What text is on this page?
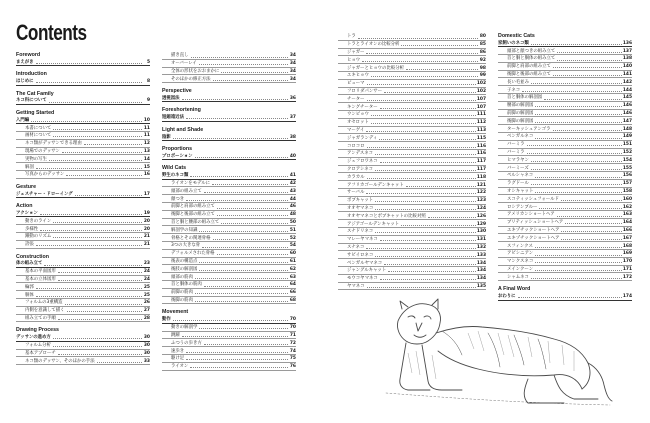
Contents
Foreword
まえがき	5
Introduction
はじめに	8
The Cat Family
ネコ科について	9
Getting Started
入門編	10
本書について	11
画材について	11
ネコ類がデッサンできる理由	12
現場でのデッサン	13
実物の写生	14
解剖	15
写真からのデッサン	16
Gesture
ジェスチャー・ドローイング	17
Action
アクション	19
動きのライン	20
歩様性	20
躍動のリズム	21
誇張	21
Construction
体の組み立て	23
基本の平面図形	24
基本の立体図形	24
輪郭	25
胴体	25
フォルムの3重構造	26
内側を意識して描く	27
組み立ての手順	28
Drawing Process
デッサンの進め方	30
フォルム分析	30
基本アプローチ	30
ネコ類のデッサン、そのほかの手法	33
描き直し	34
オーバーレイ	34
全体の形状をおおまかに	34
そのほかの修正方法	34
Perspective
透視図法	36
Foreshortening
短縮遠近法	37
Light and Shade
陰影	38
Proportions
プロポーション	40
Wild Cats
野生のネコ類	41
ライオンをモデルに	42
頭部の組み立て	43
顔つき	44
前脚と肩部の組み立て	46
後脚と後部の組み立て	48
首と胴と腰部の組み立て	50
解剖学の知識	51
骨格とその関連骨格	52
3つの大きな骨	54
デフォルメされた骨格	60
後表の構造点	61
後肢の解剖図	62
頭部の筋肉	63
首と胴体の筋肉	64
前脚の筋肉	66
後脚の筋肉	68
Movement
動作	70
動きの解剖学	70
跳躍	71
ふつうの歩き方	72
速歩き	74
駆け足	75
ライオン	76
トラ	80
トラとライオンの比較分析	85
ジャガー	86
ヒョウ	92
ジャガーとヒョウの比較分析	98
ユキヒョウ	99
ピューマ	102
フロリダパンサー	102
チーター	107
キングチーター	107
ウンピョウ	111
オセロット	112
マーゲイ	113
ジャガランディ	115
コロコロ	116
アンデスネコ	116
ジェフロワネコ	117
クロアシネコ	117
カラカル	118
アフリカゴールデンキャット	121
サーバル	122
ボブキャット	123
オオヤマネコ	124
オオヤマネコとボブキャットの比較対照	126
アジアゴールデンキャット	129
スナドリネコ	130
マレーヤマネコ	131
スナネコ	132
サビイロネコ	133
ベンガルヤマネコ	134
ジャングルキャット	134
モウコヤマネコ	134
ヤマネコ	135
Domestic Cats
家飼いのネコ類	136
頭部と顔つきの組み立て	137
首と胴と胴体の組み立て	138
前脚と肩部の組み立て	140
後脚と後部の組み立て	141
長い毛並み	142
子ネコ	144
首と胴体の解剖図	145
腰部の解剖図	146
前脚の解剖図	146
後脚の解剖図	147
ターキッシュアンゴラ	148
ベンガルネコ	149
バーミラ	151
バーミラ	152
ヒマラヤン	154
バーミーズ	155
ペルシャネコ	156
ラグドール	157
オシキャット	158
スコティッシュフォールド	160
ロシアンブルー	162
アメリカンショートヘア	163
ブリティッシュショートヘア	164
エキゾチックショートヘア	166
エキゾチックショートヘア	167
スフィンクス	168
アビシニアン	169
マンクスネコ	170
メインクーン	171
シャムネコ	172
A Final Word
おわりに	174
